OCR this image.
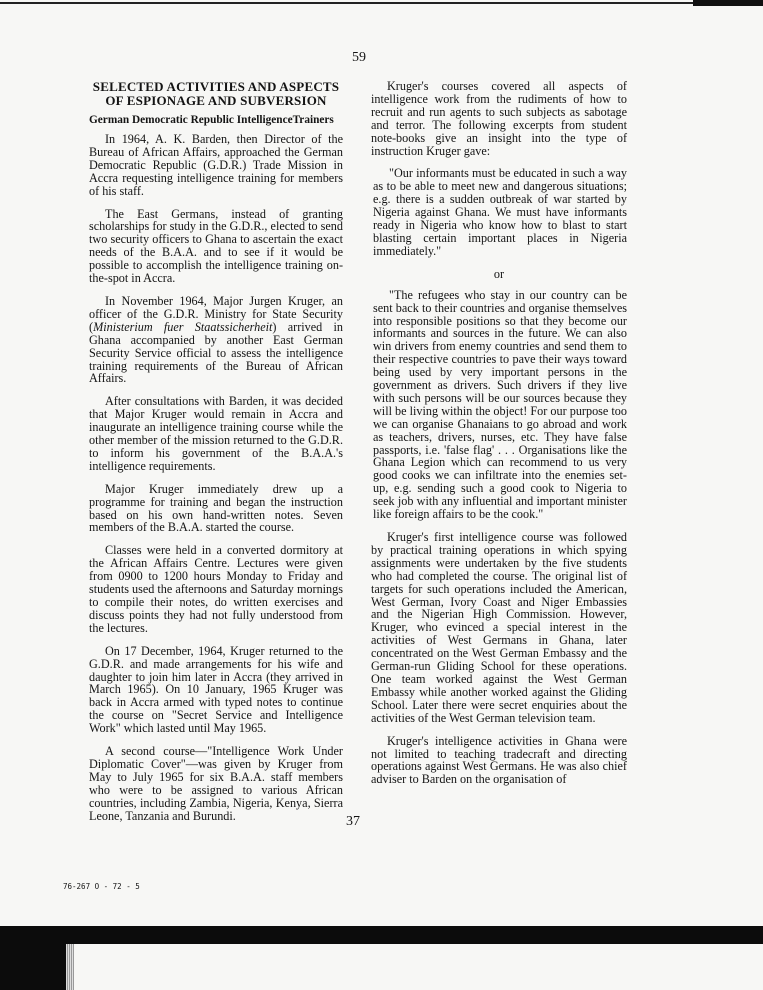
59
SELECTED ACTIVITIES AND ASPECTS OF ESPIONAGE AND SUBVERSION
German Democratic Republic IntelligenceTrainers

In 1964, A. K. Barden, then Director of the Bureau of African Affairs, approached the German Democratic Republic (G.D.R.) Trade Mission in Accra requesting intelligence training for members of his staff.

The East Germans, instead of granting scholarships for study in the G.D.R., elected to send two security officers to Ghana to ascertain the exact needs of the B.A.A. and to see if it would be possible to accomplish the intelligence training on-the-spot in Accra.

In November 1964, Major Jurgen Kruger, an officer of the G.D.R. Ministry for State Security (Ministerium fuer Staatssicherheit) arrived in Ghana accompanied by another East German Security Service official to assess the intelligence training requirements of the Bureau of African Affairs.

After consultations with Barden, it was decided that Major Kruger would remain in Accra and inaugurate an intelligence training course while the other member of the mission returned to the G.D.R. to inform his government of the B.A.A.'s intelligence requirements.

Major Kruger immediately drew up a programme for training and began the instruction based on his own hand-written notes. Seven members of the B.A.A. started the course.

Classes were held in a converted dormitory at the African Affairs Centre. Lectures were given from 0900 to 1200 hours Monday to Friday and students used the afternoons and Saturday mornings to compile their notes, do written exercises and discuss points they had not fully understood from the lectures.

On 17 December, 1964, Kruger returned to the G.D.R. and made arrangements for his wife and daughter to join him later in Accra (they arrived in March 1965). On 10 January, 1965 Kruger was back in Accra armed with typed notes to continue the course on "Secret Service and Intelligence Work" which lasted until May 1965.

A second course—"Intelligence Work Under Diplomatic Cover"—was given by Kruger from May to July 1965 for six B.A.A. staff members who were to be assigned to various African countries, including Zambia, Nigeria, Kenya, Sierra Leone, Tanzania and Burundi.

Kruger's courses covered all aspects of intelligence work from the rudiments of how to recruit and run agents to such subjects as sabotage and terror. The following excerpts from student note-books give an insight into the type of instruction Kruger gave:

"Our informants must be educated in such a way as to be able to meet new and dangerous situations; e.g. there is a sudden outbreak of war started by Nigeria against Ghana. We must have informants ready in Nigeria who know how to blast to start blasting certain important places in Nigeria immediately."

or

"The refugees who stay in our country can be sent back to their countries and organise themselves into responsible positions so that they become our informants and sources in the future. We can also win drivers from enemy countries and send them to their respective countries to pave their ways toward being used by very important persons in the government as drivers. Such drivers if they live with such persons will be our sources because they will be living within the object! For our purpose too we can organise Ghanaians to go abroad and work as teachers, drivers, nurses, etc. They have false passports, i.e. 'false flag' . . . Organisations like the Ghana Legion which can recommend to us very good cooks we can infiltrate into the enemies set-up, e.g. sending such a good cook to Nigeria to seek job with any influential and important minister like foreign affairs to be the cook."

Kruger's first intelligence course was followed by practical training operations in which spying assignments were undertaken by the five students who had completed the course. The original list of targets for such operations included the American, West German, Ivory Coast and Niger Embassies and the Nigerian High Commission. However, Kruger, who evinced a special interest in the activities of West Germans in Ghana, later concentrated on the West German Embassy and the German-run Gliding School for these operations. One team worked against the West German Embassy while another worked against the Gliding School. Later there were secret enquiries about the activities of the West German television team.

Kruger's intelligence activities in Ghana were not limited to teaching tradecraft and directing operations against West Germans. He was also chief adviser to Barden on the organisation of

37
76-267 O - 72 - 5
